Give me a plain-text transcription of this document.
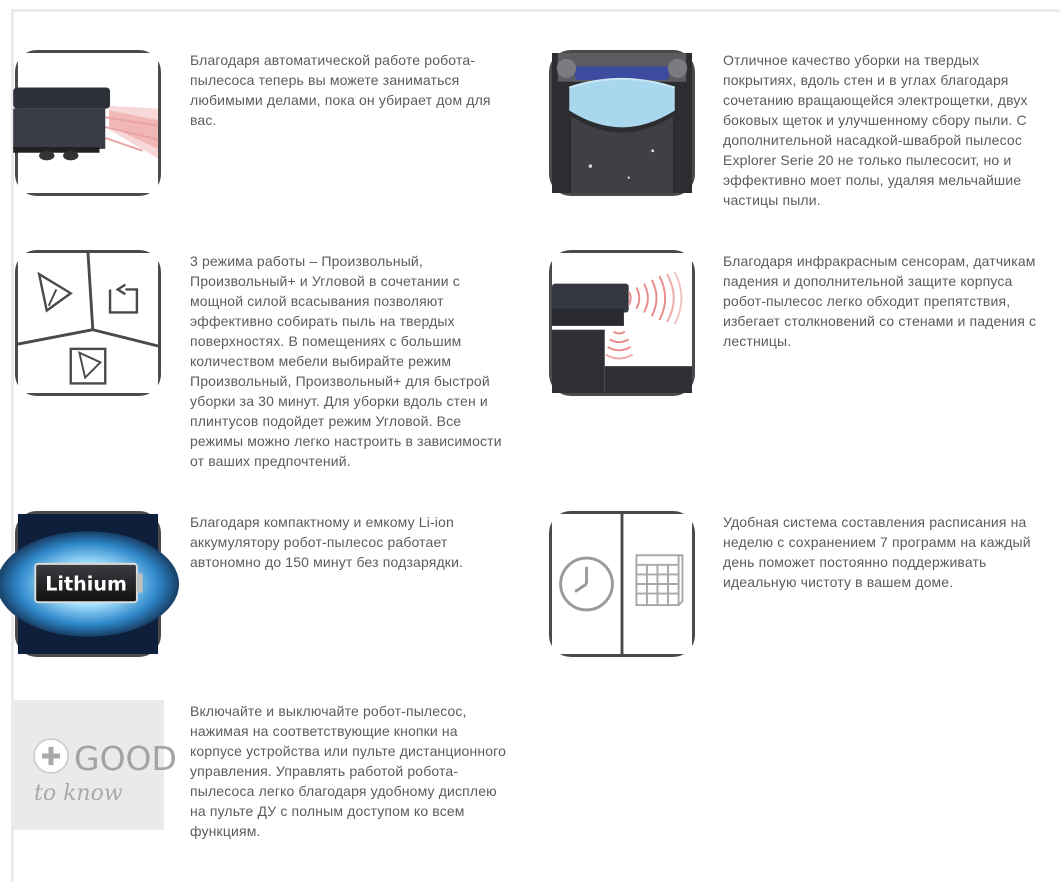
Благодаря автоматической работе робота-
пылесоса теперь вы можете заниматься
любимыми делами, пока он убирает дом для
вас.
Отличное качество уборки на твердых
покрытиях, вдоль стен и в углах благодаря
сочетанию вращающейся электрощетки, двух
боковых щеток и улучшенному сбору пыли. С
дополнительной насадкой-шваброй пылесос
Explorer Serie 20 не только пылесосит, но и
эффективно моет полы, удаляя мельчайшие
частицы пыли.
3 режима работы – Произвольный,
Произвольный+ и Угловой в сочетании с
мощной силой всасывания позволяют
эффективно собирать пыль на твердых
поверхностях. В помещениях с большим
количеством мебели выбирайте режим
Произвольный, Произвольный+ для быстрой
уборки за 30 минут. Для уборки вдоль стен и
плинтусов подойдет режим Угловой. Все
режимы можно легко настроить в зависимости
от ваших предпочтений.
Благодаря инфракрасным сенсорам, датчикам
падения и дополнительной защите корпуса
робот-пылесос легко обходит препятствия,
избегает столкновений со стенами и падения с
лестницы.
Lithium
Благодаря компактному и емкому Li-ion
аккумулятору робот-пылесос работает
автономно до 150 минут без подзарядки.
Удобная система составления расписания на
неделю с сохранением 7 программ на каждый
день поможет постоянно поддерживать
идеальную чистоту в вашем доме.
GOOD
to know
Включайте и выключайте робот-пылесос,
нажимая на соответствующие кнопки на
корпусе устройства или пульте дистанционного
управления. Управлять работой робота-
пылесоса легко благодаря удобному дисплею
на пульте ДУ с полным доступом ко всем
функциям.
